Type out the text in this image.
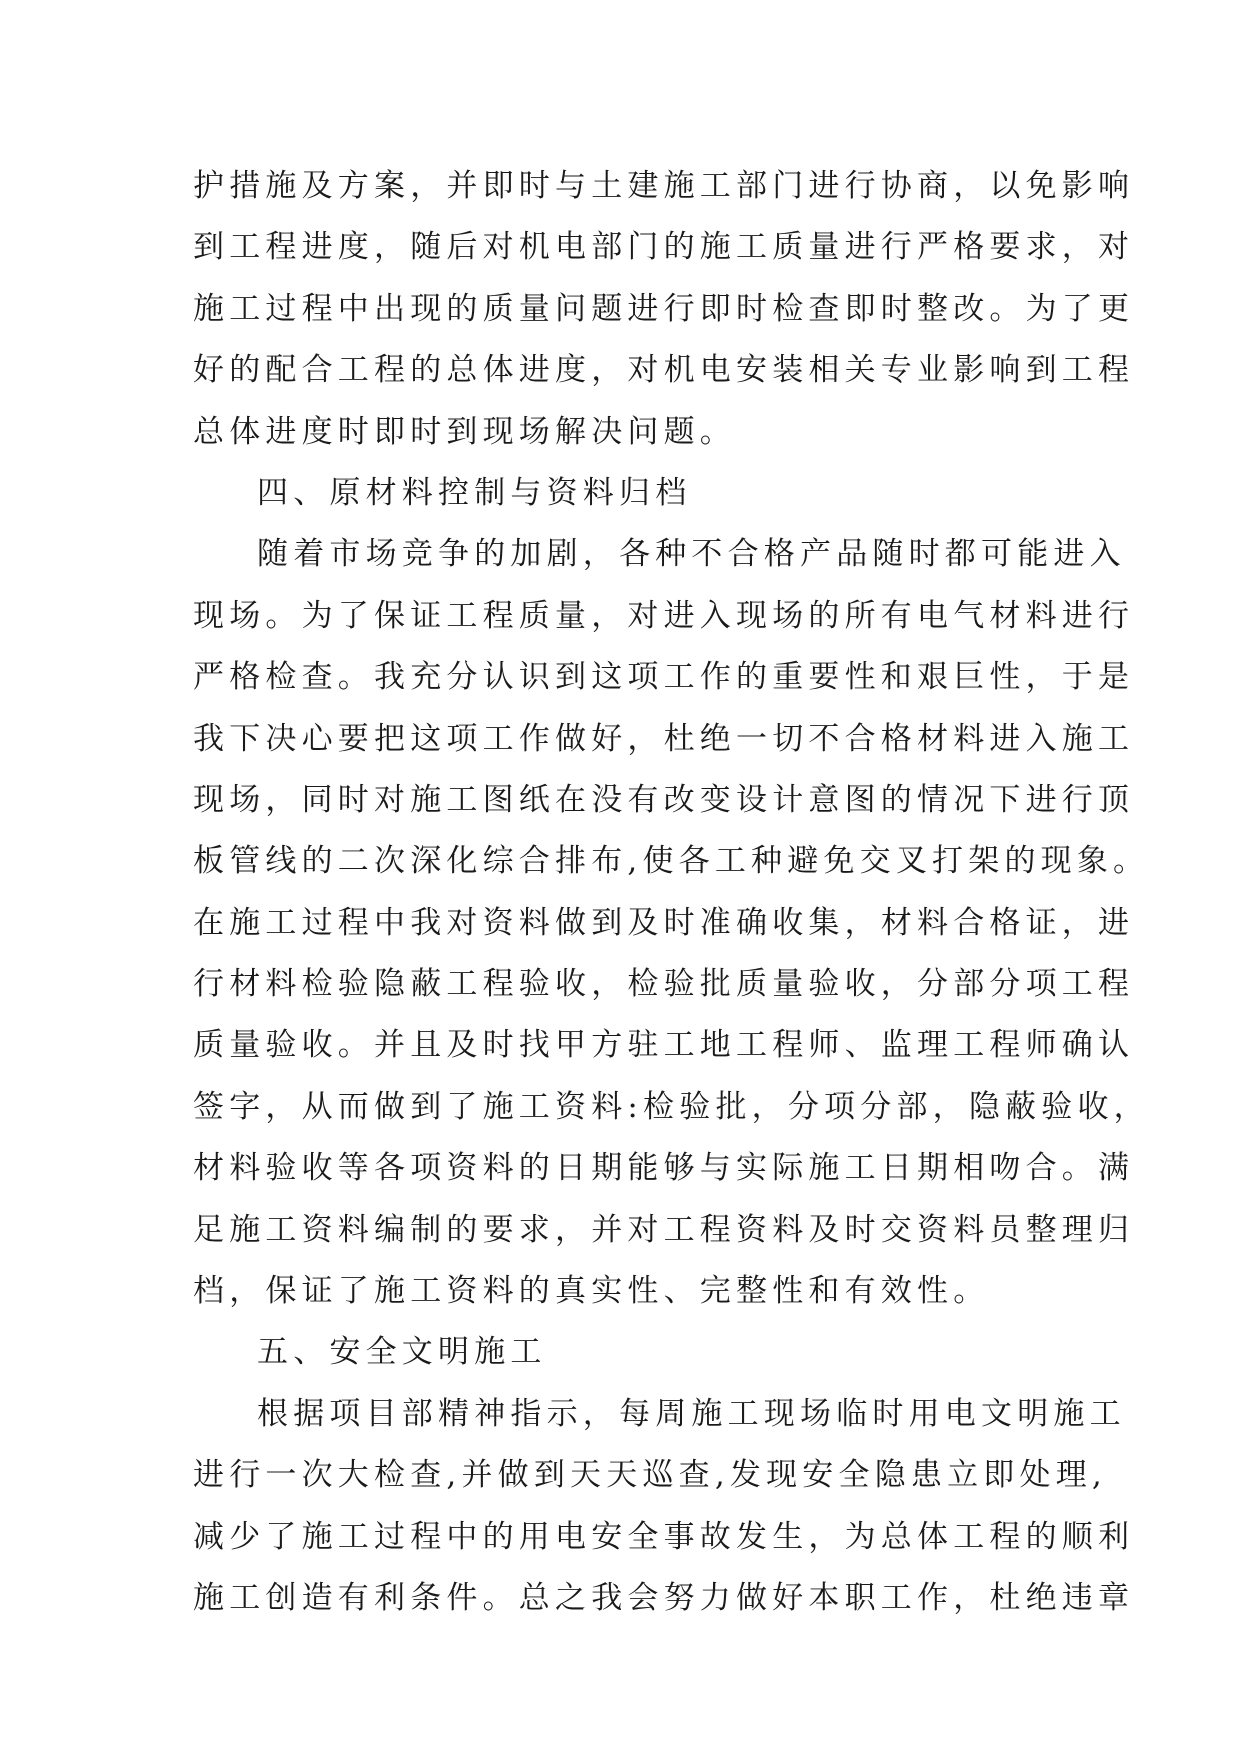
护措施及方案，并即时与土建施工部门进行协商，以免影响
到工程进度，随后对机电部门的施工质量进行严格要求，对
施工过程中出现的质量问题进行即时检查即时整改。为了更
好的配合工程的总体进度，对机电安装相关专业影响到工程
总体进度时即时到现场解决问题。
四、原材料控制与资料归档
随着市场竞争的加剧，各种不合格产品随时都可能进入
现场。为了保证工程质量，对进入现场的所有电气材料进行
严格检查。我充分认识到这项工作的重要性和艰巨性，于是
我下决心要把这项工作做好，杜绝一切不合格材料进入施工
现场，同时对施工图纸在没有改变设计意图的情况下进行顶
板管线的二次深化综合排布,使各工种避免交叉打架的现象。
在施工过程中我对资料做到及时准确收集，材料合格证，进
行材料检验隐蔽工程验收，检验批质量验收，分部分项工程
质量验收。并且及时找甲方驻工地工程师、监理工程师确认
签字，从而做到了施工资料:检验批，分项分部，隐蔽验收，
材料验收等各项资料的日期能够与实际施工日期相吻合。满
足施工资料编制的要求，并对工程资料及时交资料员整理归
档，保证了施工资料的真实性、完整性和有效性。
五、安全文明施工
根据项目部精神指示，每周施工现场临时用电文明施工
进行一次大检查,并做到天天巡查,发现安全隐患立即处理,
减少了施工过程中的用电安全事故发生，为总体工程的顺利
施工创造有利条件。总之我会努力做好本职工作，杜绝违章
